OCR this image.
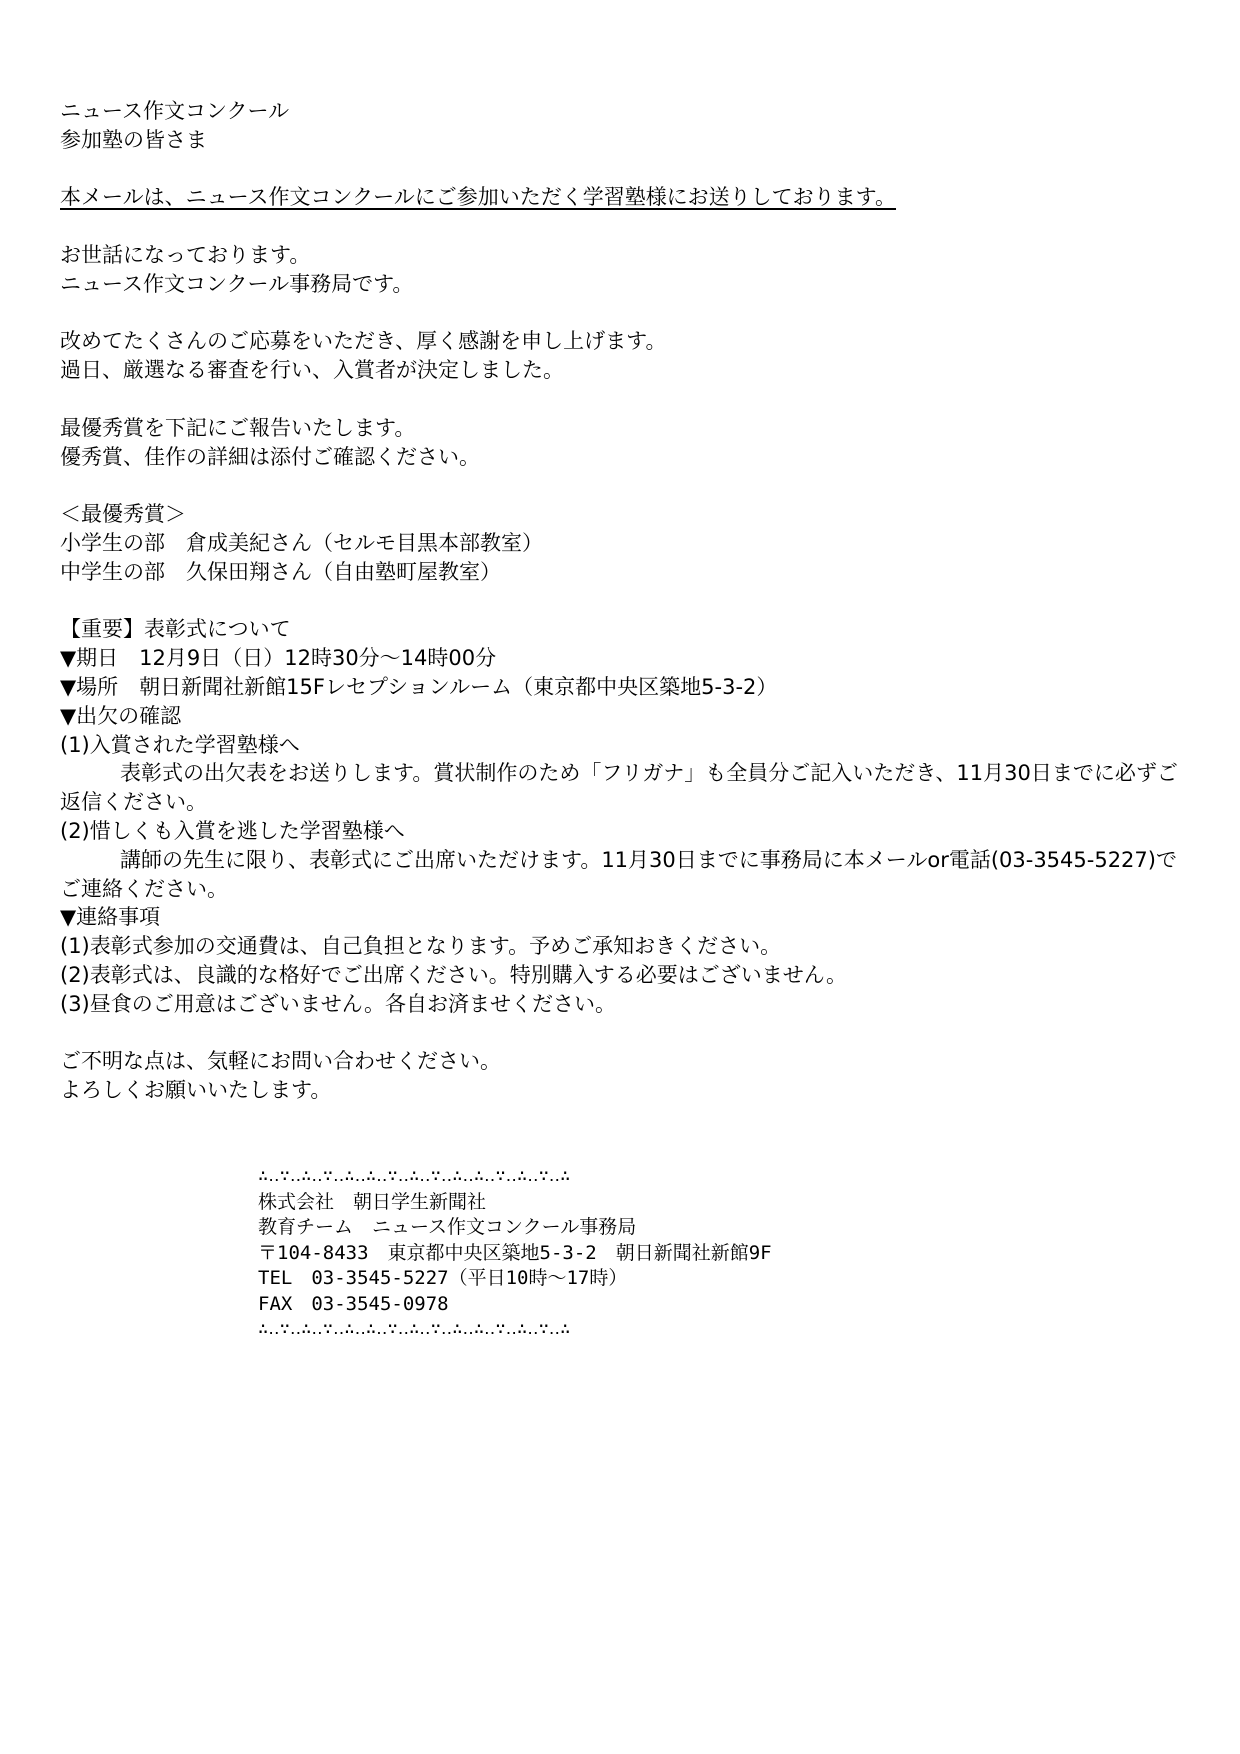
ニュース作文コンクール
参加塾の皆さま
本メールは、ニュース作文コンクールにご参加いただく学習塾様にお送りしております。
お世話になっております。
ニュース作文コンクール事務局です。
改めてたくさんのご応募をいただき、厚く感謝を申し上げます。
過日、厳選なる審査を行い、入賞者が決定しました。
最優秀賞を下記にご報告いたします。
優秀賞、佳作の詳細は添付ご確認ください。
＜最優秀賞＞
小学生の部　倉成美紀さん（セルモ目黒本部教室）
中学生の部　久保田翔さん（自由塾町屋教室）
【重要】表彰式について
▼期日　12月9日（日）12時30分～14時00分
▼場所　朝日新聞社新館15Fレセプションルーム（東京都中央区築地5-3-2）
▼出欠の確認
(1)入賞された学習塾様へ
表彰式の出欠表をお送りします。賞状制作のため「フリガナ」も全員分ご記入いただき、11月30日までに必ずご返信ください。
(2)惜しくも入賞を逃した学習塾様へ
講師の先生に限り、表彰式にご出席いただけます。11月30日までに事務局に本メールor電話(03-3545-5227)でご連絡ください。
▼連絡事項
(1)表彰式参加の交通費は、自己負担となります。予めご承知おきください。
(2)表彰式は、良識的な格好でご出席ください。特別購入する必要はございません。
(3)昼食のご用意はございません。各自お済ませください。
ご不明な点は、気軽にお問い合わせください。
よろしくお願いいたします。
∴‥∵‥∴‥∵‥∴‥∴‥∵‥∴‥∵‥∴‥∴‥∵‥∴‥∵‥∴
株式会社　朝日学生新聞社
教育チーム　ニュース作文コンクール事務局
〒104-8433　東京都中央区築地5-3-2　朝日新聞社新館9F
TEL　03-3545-5227（平日10時～17時）
FAX　03-3545-0978
∴‥∵‥∴‥∵‥∴‥∴‥∵‥∴‥∵‥∴‥∴‥∵‥∴‥∵‥∴
